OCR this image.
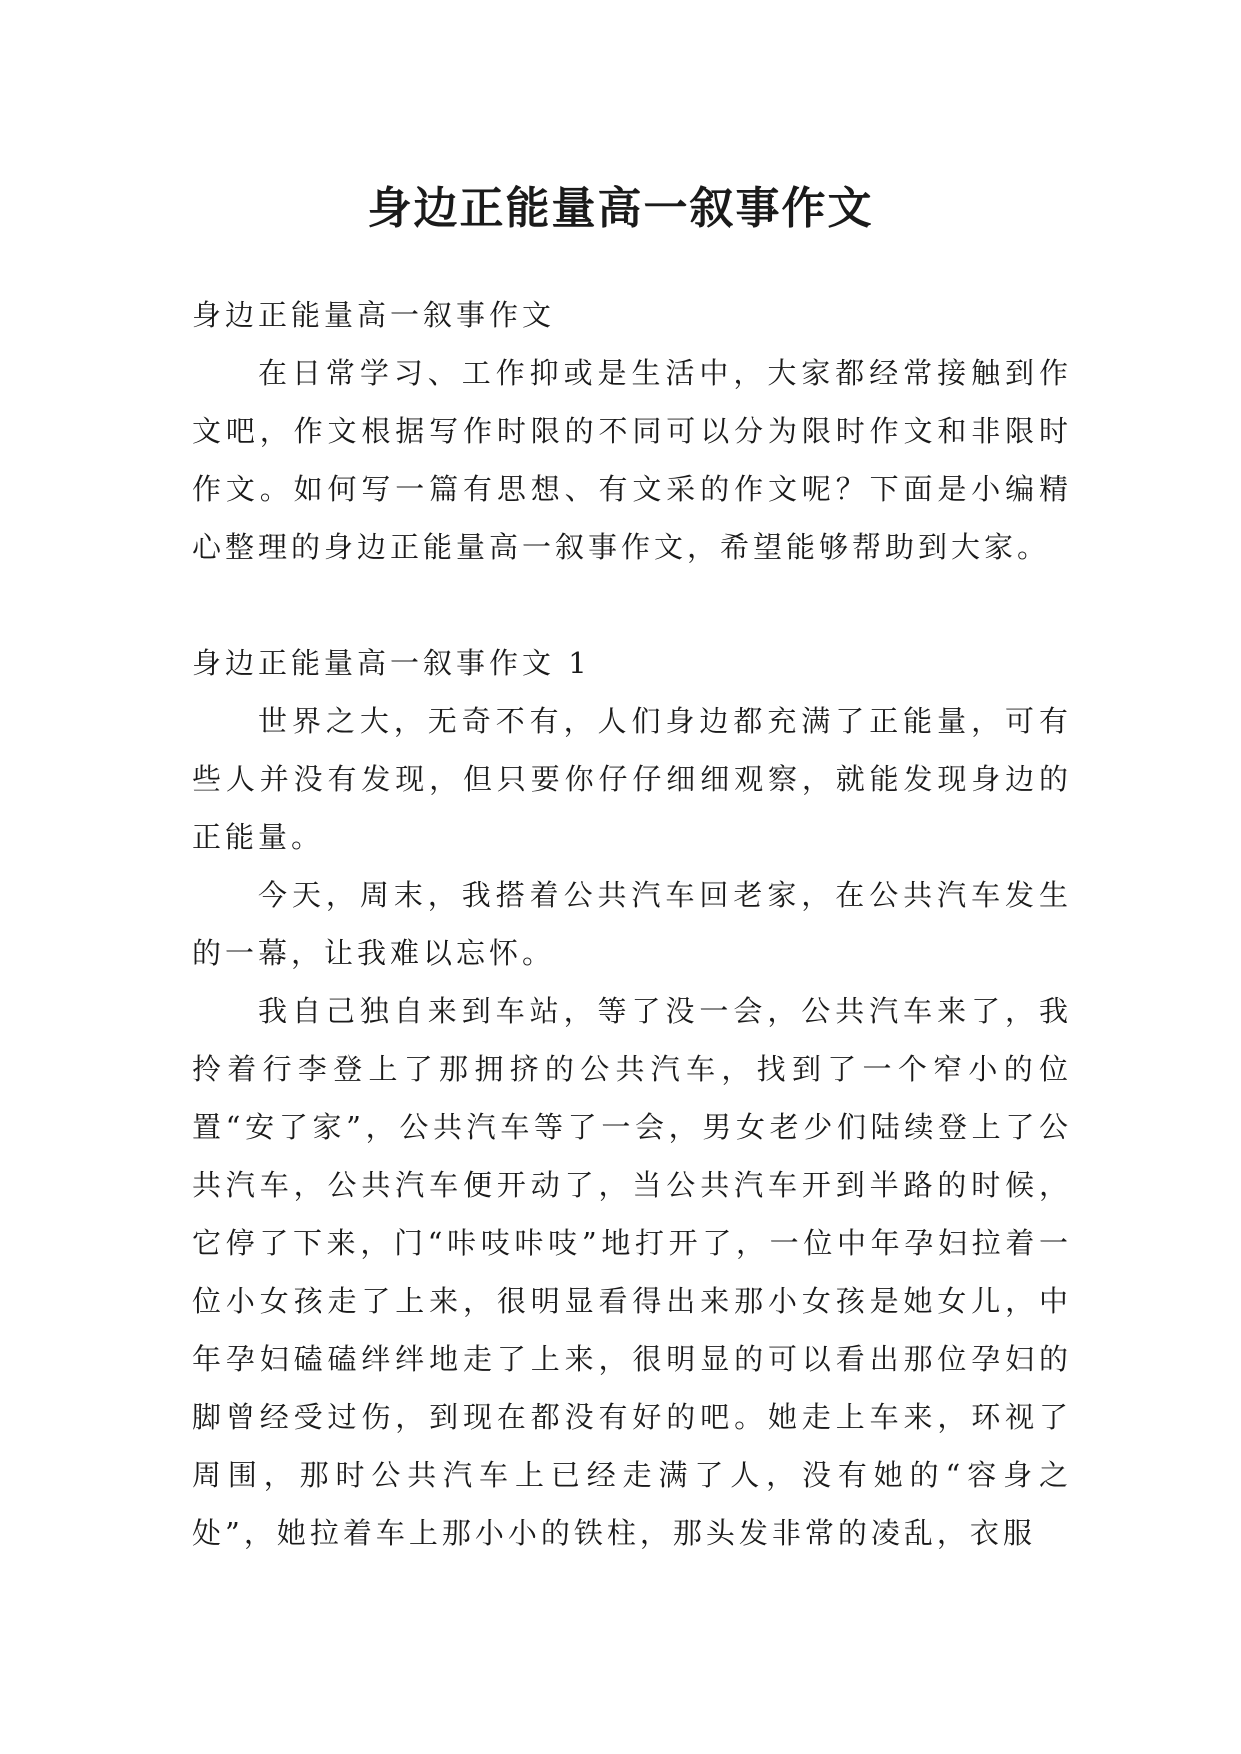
身边正能量高一叙事作文

身边正能量高一叙事作文

在日常学习、工作抑或是生活中，大家都经常接触到作文吧，作文根据写作时限的不同可以分为限时作文和非限时作文。如何写一篇有思想、有文采的作文呢？下面是小编精心整理的身边正能量高一叙事作文，希望能够帮助到大家。

身边正能量高一叙事作文 1

世界之大，无奇不有，人们身边都充满了正能量，可有些人并没有发现，但只要你仔仔细细观察，就能发现身边的正能量。

今天，周末，我搭着公共汽车回老家，在公共汽车发生的一幕，让我难以忘怀。

我自己独自来到车站，等了没一会，公共汽车来了，我拎着行李登上了那拥挤的公共汽车，找到了一个窄小的位置“安了家”，公共汽车等了一会，男女老少们陆续登上了公共汽车，公共汽车便开动了，当公共汽车开到半路的时候，它停了下来，门“咔吱咔吱”地打开了，一位中年孕妇拉着一位小女孩走了上来，很明显看得出来那小女孩是她女儿，中年孕妇磕磕绊绊地走了上来，很明显的可以看出那位孕妇的脚曾经受过伤，到现在都没有好的吧。她走上车来，环视了周围，那时公共汽车上已经走满了人，没有她的“容身之处”，她拉着车上那小小的铁柱，那头发非常的凌乱，衣服
